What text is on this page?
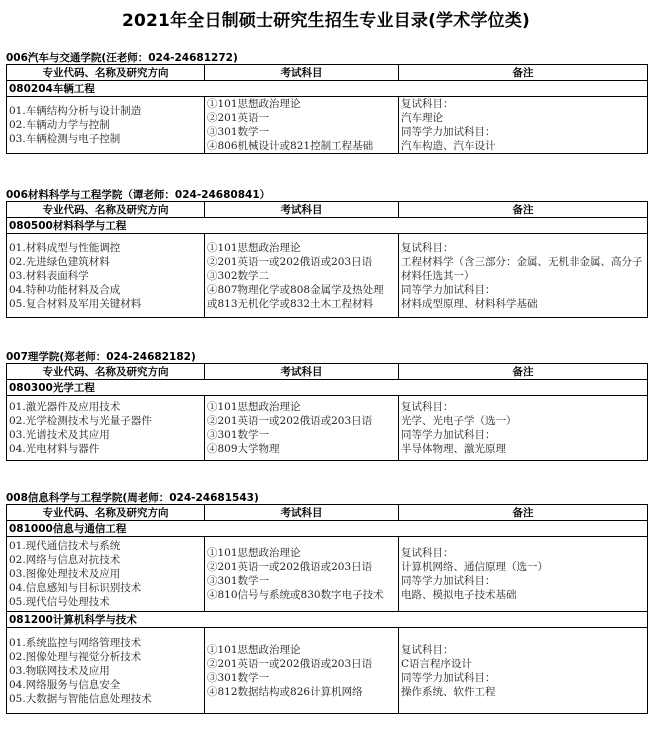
2021年全日制硕士研究生招生专业目录(学术学位类)
006汽车与交通学院(汪老师：024-24681272)
专业代码、名称及研究方向	考试科目	备注
080204车辆工程		

01.车辆结构分析与设计制造
02.车辆动力学与控制
03.车辆检测与电子控制	①101思想政治理论
②201英语一
③301数学一
④806机械设计或821控制工程基础	复试科目：
汽车理论
同等学力加试科目：
汽车构造、汽车设计
006材料科学与工程学院（谭老师：024-24680841）
专业代码、名称及研究方向	考试科目	备注
080500材料科学与工程		

01.材料成型与性能调控
02.先进绿色建筑材料
03.材料表面科学
04.特种功能材料及合成
05.复合材料及军用关键材料	①101思想政治理论
②201英语一或202俄语或203日语
③302数学二
④807物理化学或808金属学及热处理
或813无机化学或832土木工程材料	复试科目：
工程材料学（含三部分：金属、无机非金属、高分子材料任选其一）
同等学力加试科目：
材料成型原理、材料科学基础
007理学院(郑老师：024-24682182)
专业代码、名称及研究方向	考试科目	备注
080300光学工程		

01.激光器件及应用技术
02.光学检测技术与光量子器件
03.光谱技术及其应用
04.光电材料与器件	①101思想政治理论
②201英语一或202俄语或203日语
③301数学一
④809大学物理	复试科目：
光学、光电子学（选一）
同等学力加试科目：
半导体物理、激光原理
008信息科学与工程学院(周老师：024-24681543)
专业代码、名称及研究方向	考试科目	备注
081000信息与通信工程		

01.现代通信技术与系统
02.网络与信息对抗技术
03.图像处理技术及应用
04.信息感知与目标识别技术
05.现代信号处理技术	①101思想政治理论
②201英语一或202俄语或203日语
③301数学一
④810信号与系统或830数字电子技术	复试科目：
计算机网络、通信原理（选一）
同等学力加试科目：
电路、模拟电子技术基础

081200计算机科学与技术		

01.系统监控与网络管理技术
02.图像处理与视觉分析技术
03.物联网技术及应用
04.网络服务与信息安全
05.大数据与智能信息处理技术	①101思想政治理论
②201英语一或202俄语或203日语
③301数学一
④812数据结构或826计算机网络	复试科目：
C语言程序设计
同等学力加试科目：
操作系统、软件工程
